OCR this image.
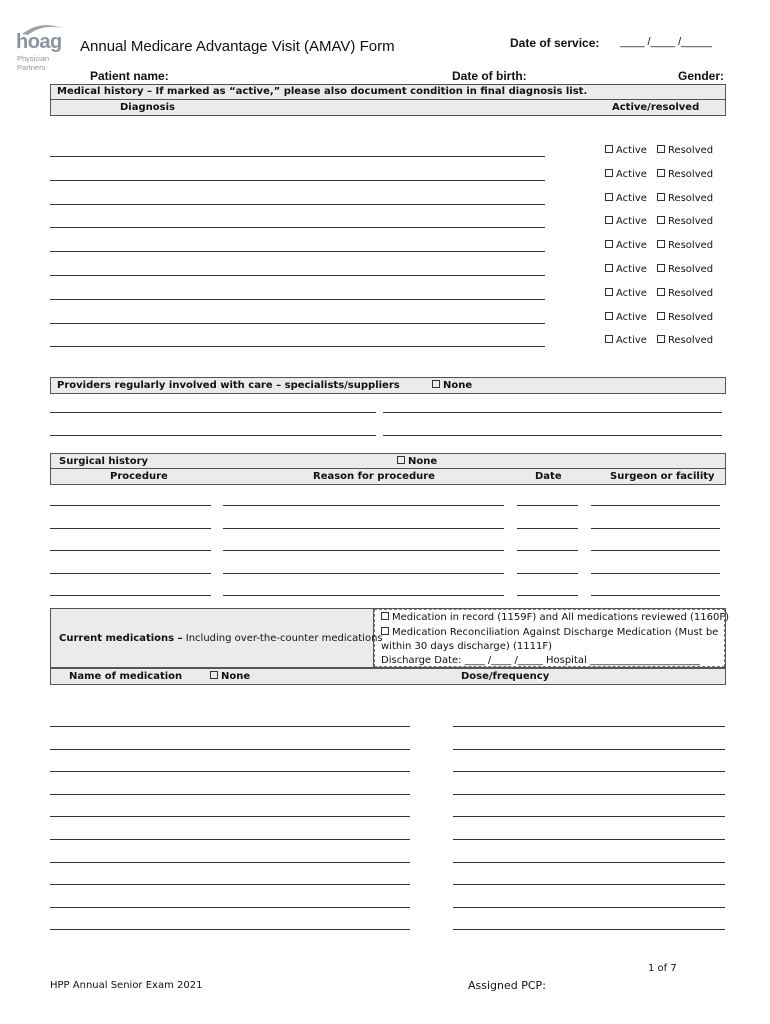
hoag
Physician
Partners
Annual Medicare Advantage Visit (AMAV) Form	Date of service: ____ /____ /_____
Patient name:	Date of birth:	Gender:
Medical history – If marked as “active,” please also document condition in final diagnosis list.
Diagnosis	Active/resolved
Active Resolved
Active Resolved
Active Resolved
Active Resolved
Active Resolved
Active Resolved
Active Resolved
Active Resolved
Active Resolved
Providers regularly involved with care – specialists/suppliers	None
Surgical history	None
Procedure	Reason for procedure	Date	Surgeon or facility
Current medications – Including over-the-counter medications
Medication in record (1159F) and All medications reviewed (1160F)
Medication Reconciliation Against Discharge Medication (Must be
within 30 days discharge) (1111F)
Discharge Date: ____ /____ /_____ Hospital ______________________
Name of medication	None	Dose/frequency
1 of 7
HPP Annual Senior Exam 2021	Assigned PCP:
